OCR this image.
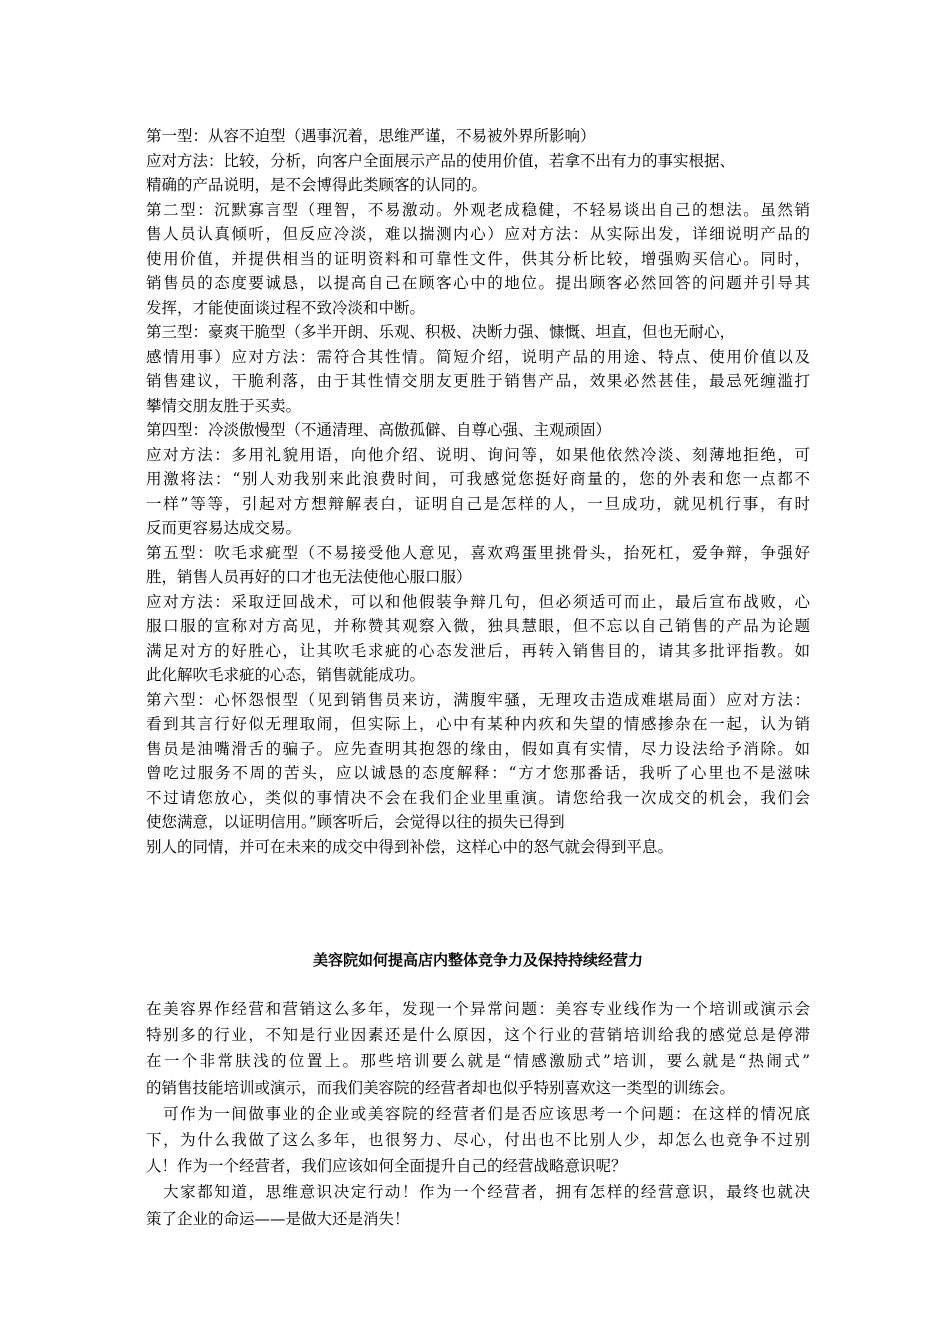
第一型：从容不迫型（遇事沉着，思维严谨，不易被外界所影响）
应对方法：比较，分析，向客户全面展示产品的使用价值，若拿不出有力的事实根据、
精确的产品说明，是不会博得此类顾客的认同的。
第二型：沉默寡言型（理智，不易激动。外观老成稳健，不轻易谈出自己的想法。虽然销
售人员认真倾听，但反应冷淡，难以揣测内心）应对方法：从实际出发，详细说明产品的
使用价值，并提供相当的证明资料和可靠性文件，供其分析比较，增强购买信心。同时，
销售员的态度要诚恳，以提高自己在顾客心中的地位。提出顾客必然回答的问题并引导其
发挥，才能使面谈过程不致冷淡和中断。
第三型：豪爽干脆型（多半开朗、乐观、积极、决断力强、慷慨、坦直，但也无耐心，
感情用事）应对方法：需符合其性情。简短介绍，说明产品的用途、特点、使用价值以及
销售建议，干脆利落，由于其性情交朋友更胜于销售产品，效果必然甚佳，最忌死缠滥打
攀情交朋友胜于买卖。
第四型：冷淡傲慢型（不通清理、高傲孤僻、自尊心强、主观顽固）
应对方法：多用礼貌用语，向他介绍、说明、询问等，如果他依然冷淡、刻薄地拒绝，可
用激将法：“别人劝我别来此浪费时间，可我感觉您挺好商量的，您的外表和您一点都不
一样”等等，引起对方想辩解表白，证明自己是怎样的人，一旦成功，就见机行事，有时
反而更容易达成交易。
第五型：吹毛求疵型（不易接受他人意见，喜欢鸡蛋里挑骨头，抬死杠，爱争辩，争强好
胜，销售人员再好的口才也无法使他心服口服）
应对方法：采取迂回战术，可以和他假装争辩几句，但必须适可而止，最后宣布战败，心
服口服的宣称对方高见，并称赞其观察入微，独具慧眼，但不忘以自己销售的产品为论题
满足对方的好胜心，让其吹毛求疵的心态发泄后，再转入销售目的，请其多批评指教。如
此化解吹毛求疵的心态，销售就能成功。
第六型：心怀怨恨型（见到销售员来访，满腹牢骚，无理攻击造成难堪局面）应对方法：
看到其言行好似无理取闹，但实际上，心中有某种内疚和失望的情感掺杂在一起，认为销
售员是油嘴滑舌的骗子。应先查明其抱怨的缘由，假如真有实情，尽力设法给予消除。如
曾吃过服务不周的苦头，应以诚恳的态度解释：“方才您那番话，我听了心里也不是滋味
不过请您放心，类似的事情决不会在我们企业里重演。请您给我一次成交的机会，我们会
使您满意，以证明信用。”顾客听后，会觉得以往的损失已得到
别人的同情，并可在未来的成交中得到补偿，这样心中的怒气就会得到平息。
美容院如何提高店内整体竞争力及保持持续经营力
在美容界作经营和营销这么多年，发现一个异常问题：美容专业线作为一个培训或演示会
特别多的行业，不知是行业因素还是什么原因，这个行业的营销培训给我的感觉总是停滞
在一个非常肤浅的位置上。那些培训要么就是“情感激励式”培训，要么就是“热闹式”
的销售技能培训或演示，而我们美容院的经营者却也似乎特别喜欢这一类型的训练会。
　可作为一间做事业的企业或美容院的经营者们是否应该思考一个问题：在这样的情况底
下，为什么我做了这么多年，也很努力、尽心，付出也不比别人少，却怎么也竞争不过别
人！作为一个经营者，我们应该如何全面提升自己的经营战略意识呢？
　大家都知道，思维意识决定行动！作为一个经营者，拥有怎样的经营意识，最终也就决
策了企业的命运——是做大还是消失！
